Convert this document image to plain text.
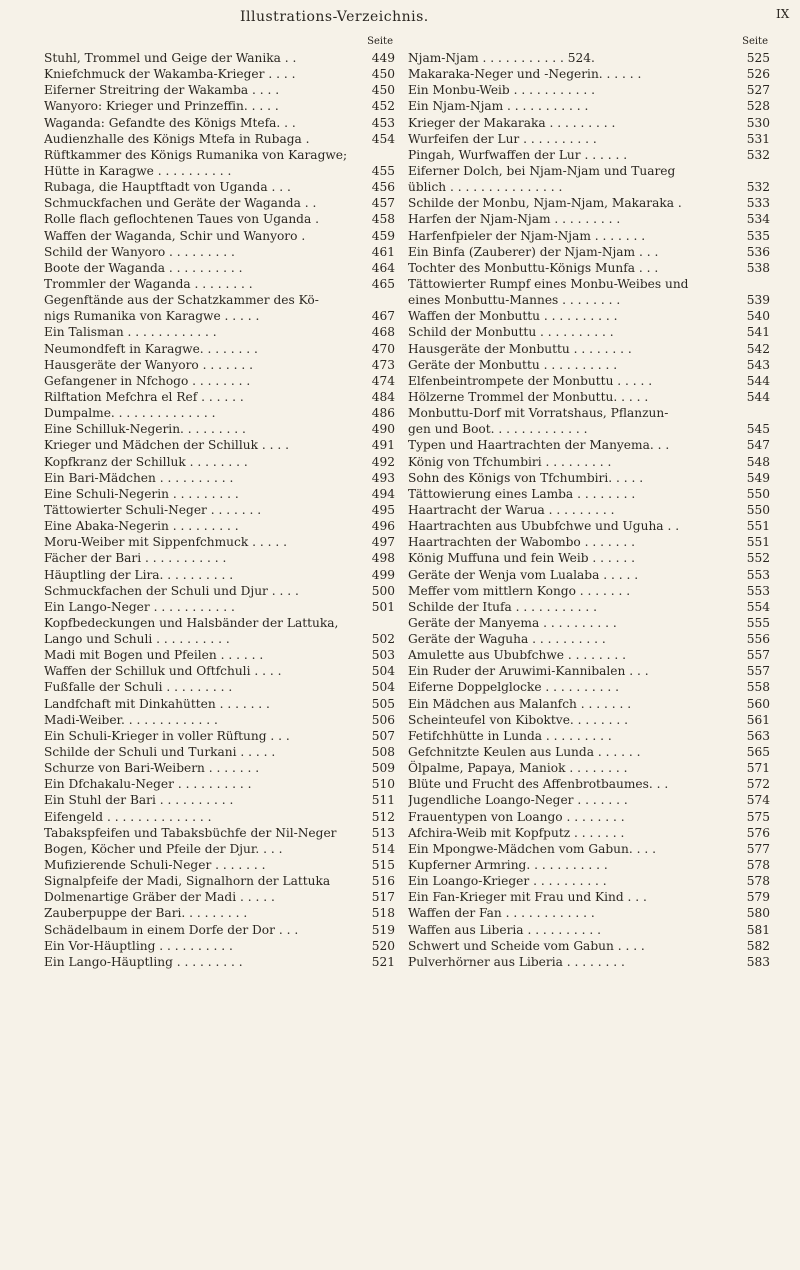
Illustrations-Verzeichnis.	IX
Seite
Stuhl, Trommel und Geige der Wanika . .	449
Kniefchmuck der Wakamba-Krieger . . . .	450
Eiferner Streitring der Wakamba . . . .	450
Wanyoro: Krieger und Prinzeffin. . . . .	452
Waganda: Gefandte des Königs Mtefa. . .	453
Audienzhalle des Königs Mtefa in Rubaga .	454
Rüftkammer des Königs Rumanika von Karagwe;
Hütte in Karagwe . . . . . . . . . .	455
Rubaga, die Hauptftadt von Uganda . . .	456
Schmuckfachen und Geräte der Waganda . .	457
Rolle flach geflochtenen Taues von Uganda .	458
Waffen der Waganda, Schir und Wanyoro .	459
Schild der Wanyoro . . . . . . . . .	461
Boote der Waganda . . . . . . . . . .	464
Trommler der Waganda . . . . . . . .	465
Gegenftände aus der Schatzkammer des Kö-
nigs Rumanika von Karagwe . . . . .	467
Ein Talisman . . . . . . . . . . . .	468
Neumondfeft in Karagwe. . . . . . . .	470
Hausgeräte der Wanyoro . . . . . . .	473
Gefangener in Nfchogo . . . . . . . .	474
Rilftation Mefchra el Ref . . . . . .	484
Dumpalme. . . . . . . . . . . . . .	486
Eine Schilluk-Negerin. . . . . . . . .	490
Krieger und Mädchen der Schilluk . . . .	491
Kopfkranz der Schilluk . . . . . . . .	492
Ein Bari-Mädchen . . . . . . . . . .	493
Eine Schuli-Negerin . . . . . . . . .	494
Tättowierter Schuli-Neger . . . . . . .	495
Eine Abaka-Negerin . . . . . . . . .	496
Moru-Weiber mit Sippenfchmuck . . . . .	497
Fächer der Bari . . . . . . . . . . .	498
Häuptling der Lira. . . . . . . . . .	499
Schmuckfachen der Schuli und Djur . . . .	500
Ein Lango-Neger . . . . . . . . . . .	501
Kopfbedeckungen und Halsbänder der Lattuka,
Lango und Schuli . . . . . . . . . .	502
Madi mit Bogen und Pfeilen . . . . . .	503
Waffen der Schilluk und Oftfchuli . . . .	504
Fußfalle der Schuli . . . . . . . . .	504
Landfchaft mit Dinkahütten . . . . . . .	505
Madi-Weiber. . . . . . . . . . . . .	506
Ein Schuli-Krieger in voller Rüftung . . .	507
Schilde der Schuli und Turkani . . . . .	508
Schurze von Bari-Weibern . . . . . . .	509
Ein Dfchakalu-Neger . . . . . . . . . .	510
Ein Stuhl der Bari . . . . . . . . . .	511
Eifengeld . . . . . . . . . . . . . .	512
Tabakspfeifen und Tabaksbüchfe der Nil-Neger	513
Bogen, Köcher und Pfeile der Djur. . . .	514
Mufizierende Schuli-Neger . . . . . . .	515
Signalpfeife der Madi, Signalhorn der Lattuka	516
Dolmenartige Gräber der Madi . . . . .	517
Zauberpuppe der Bari. . . . . . . . .	518
Schädelbaum in einem Dorfe der Dor . . .	519
Ein Vor-Häuptling . . . . . . . . . .	520
Ein Lango-Häuptling . . . . . . . . .	521
Seite
Njam-Njam . . . . . . . . . . . 524.	525
Makaraka-Neger und -Negerin. . . . . .	526
Ein Monbu-Weib . . . . . . . . . . .	527
Ein Njam-Njam . . . . . . . . . . .	528
Krieger der Makaraka . . . . . . . . .	530
Wurfeifen der Lur . . . . . . . . . .	531
Pingah, Wurfwaffen der Lur . . . . . .	532
Eiferner Dolch, bei Njam-Njam und Tuareg
üblich . . . . . . . . . . . . . . .	532
Schilde der Monbu, Njam-Njam, Makaraka .	533
Harfen der Njam-Njam . . . . . . . . .	534
Harfenfpieler der Njam-Njam . . . . . . .	535
Ein Binfa (Zauberer) der Njam-Njam . . .	536
Tochter des Monbuttu-Königs Munfa . . .	538
Tättowierter Rumpf eines Monbu-Weibes und
eines Monbuttu-Mannes . . . . . . . .	539
Waffen der Monbuttu . . . . . . . . . .	540
Schild der Monbuttu . . . . . . . . . .	541
Hausgeräte der Monbuttu . . . . . . . .	542
Geräte der Monbuttu . . . . . . . . . .	543
Elfenbeintrompete der Monbuttu . . . . .	544
Hölzerne Trommel der Monbuttu. . . . .	544
Monbuttu-Dorf mit Vorratshaus, Pflanzun-
gen und Boot. . . . . . . . . . . . .	545
Typen und Haartrachten der Manyema. . .	547
König von Tfchumbiri . . . . . . . . .	548
Sohn des Königs von Tfchumbiri. . . . .	549
Tättowierung eines Lamba . . . . . . . .	550
Haartracht der Warua . . . . . . . . .	550
Haartrachten aus Ububfchwe und Uguha . .	551
Haartrachten der Wabombo . . . . . . .	551
König Muffuna und fein Weib . . . . . .	552
Geräte der Wenja vom Lualaba . . . . .	553
Meffer vom mittlern Kongo . . . . . . .	553
Schilde der Itufa . . . . . . . . . . .	554
Geräte der Manyema . . . . . . . . . .	555
Geräte der Waguha . . . . . . . . . .	556
Amulette aus Ububfchwe . . . . . . . .	557
Ein Ruder der Aruwimi-Kannibalen . . .	557
Eiferne Doppelglocke . . . . . . . . . .	558
Ein Mädchen aus Malanfch . . . . . . .	560
Scheinteufel von Kiboktve. . . . . . . .	561
Fetifchhütte in Lunda . . . . . . . . .	563
Gefchnitzte Keulen aus Lunda . . . . . .	565
Ölpalme, Papaya, Maniok . . . . . . . .	571
Blüte und Frucht des Affenbrotbaumes. . .	572
Jugendliche Loango-Neger . . . . . . .	574
Frauentypen von Loango . . . . . . . .	575
Afchira-Weib mit Kopfputz . . . . . . .	576
Ein Mpongwe-Mädchen vom Gabun. . . .	577
Kupferner Armring. . . . . . . . . . .	578
Ein Loango-Krieger . . . . . . . . . .	578
Ein Fan-Krieger mit Frau und Kind . . .	579
Waffen der Fan . . . . . . . . . . . .	580
Waffen aus Liberia . . . . . . . . . .	581
Schwert und Scheide vom Gabun . . . .	582
Pulverhörner aus Liberia . . . . . . . .	583
